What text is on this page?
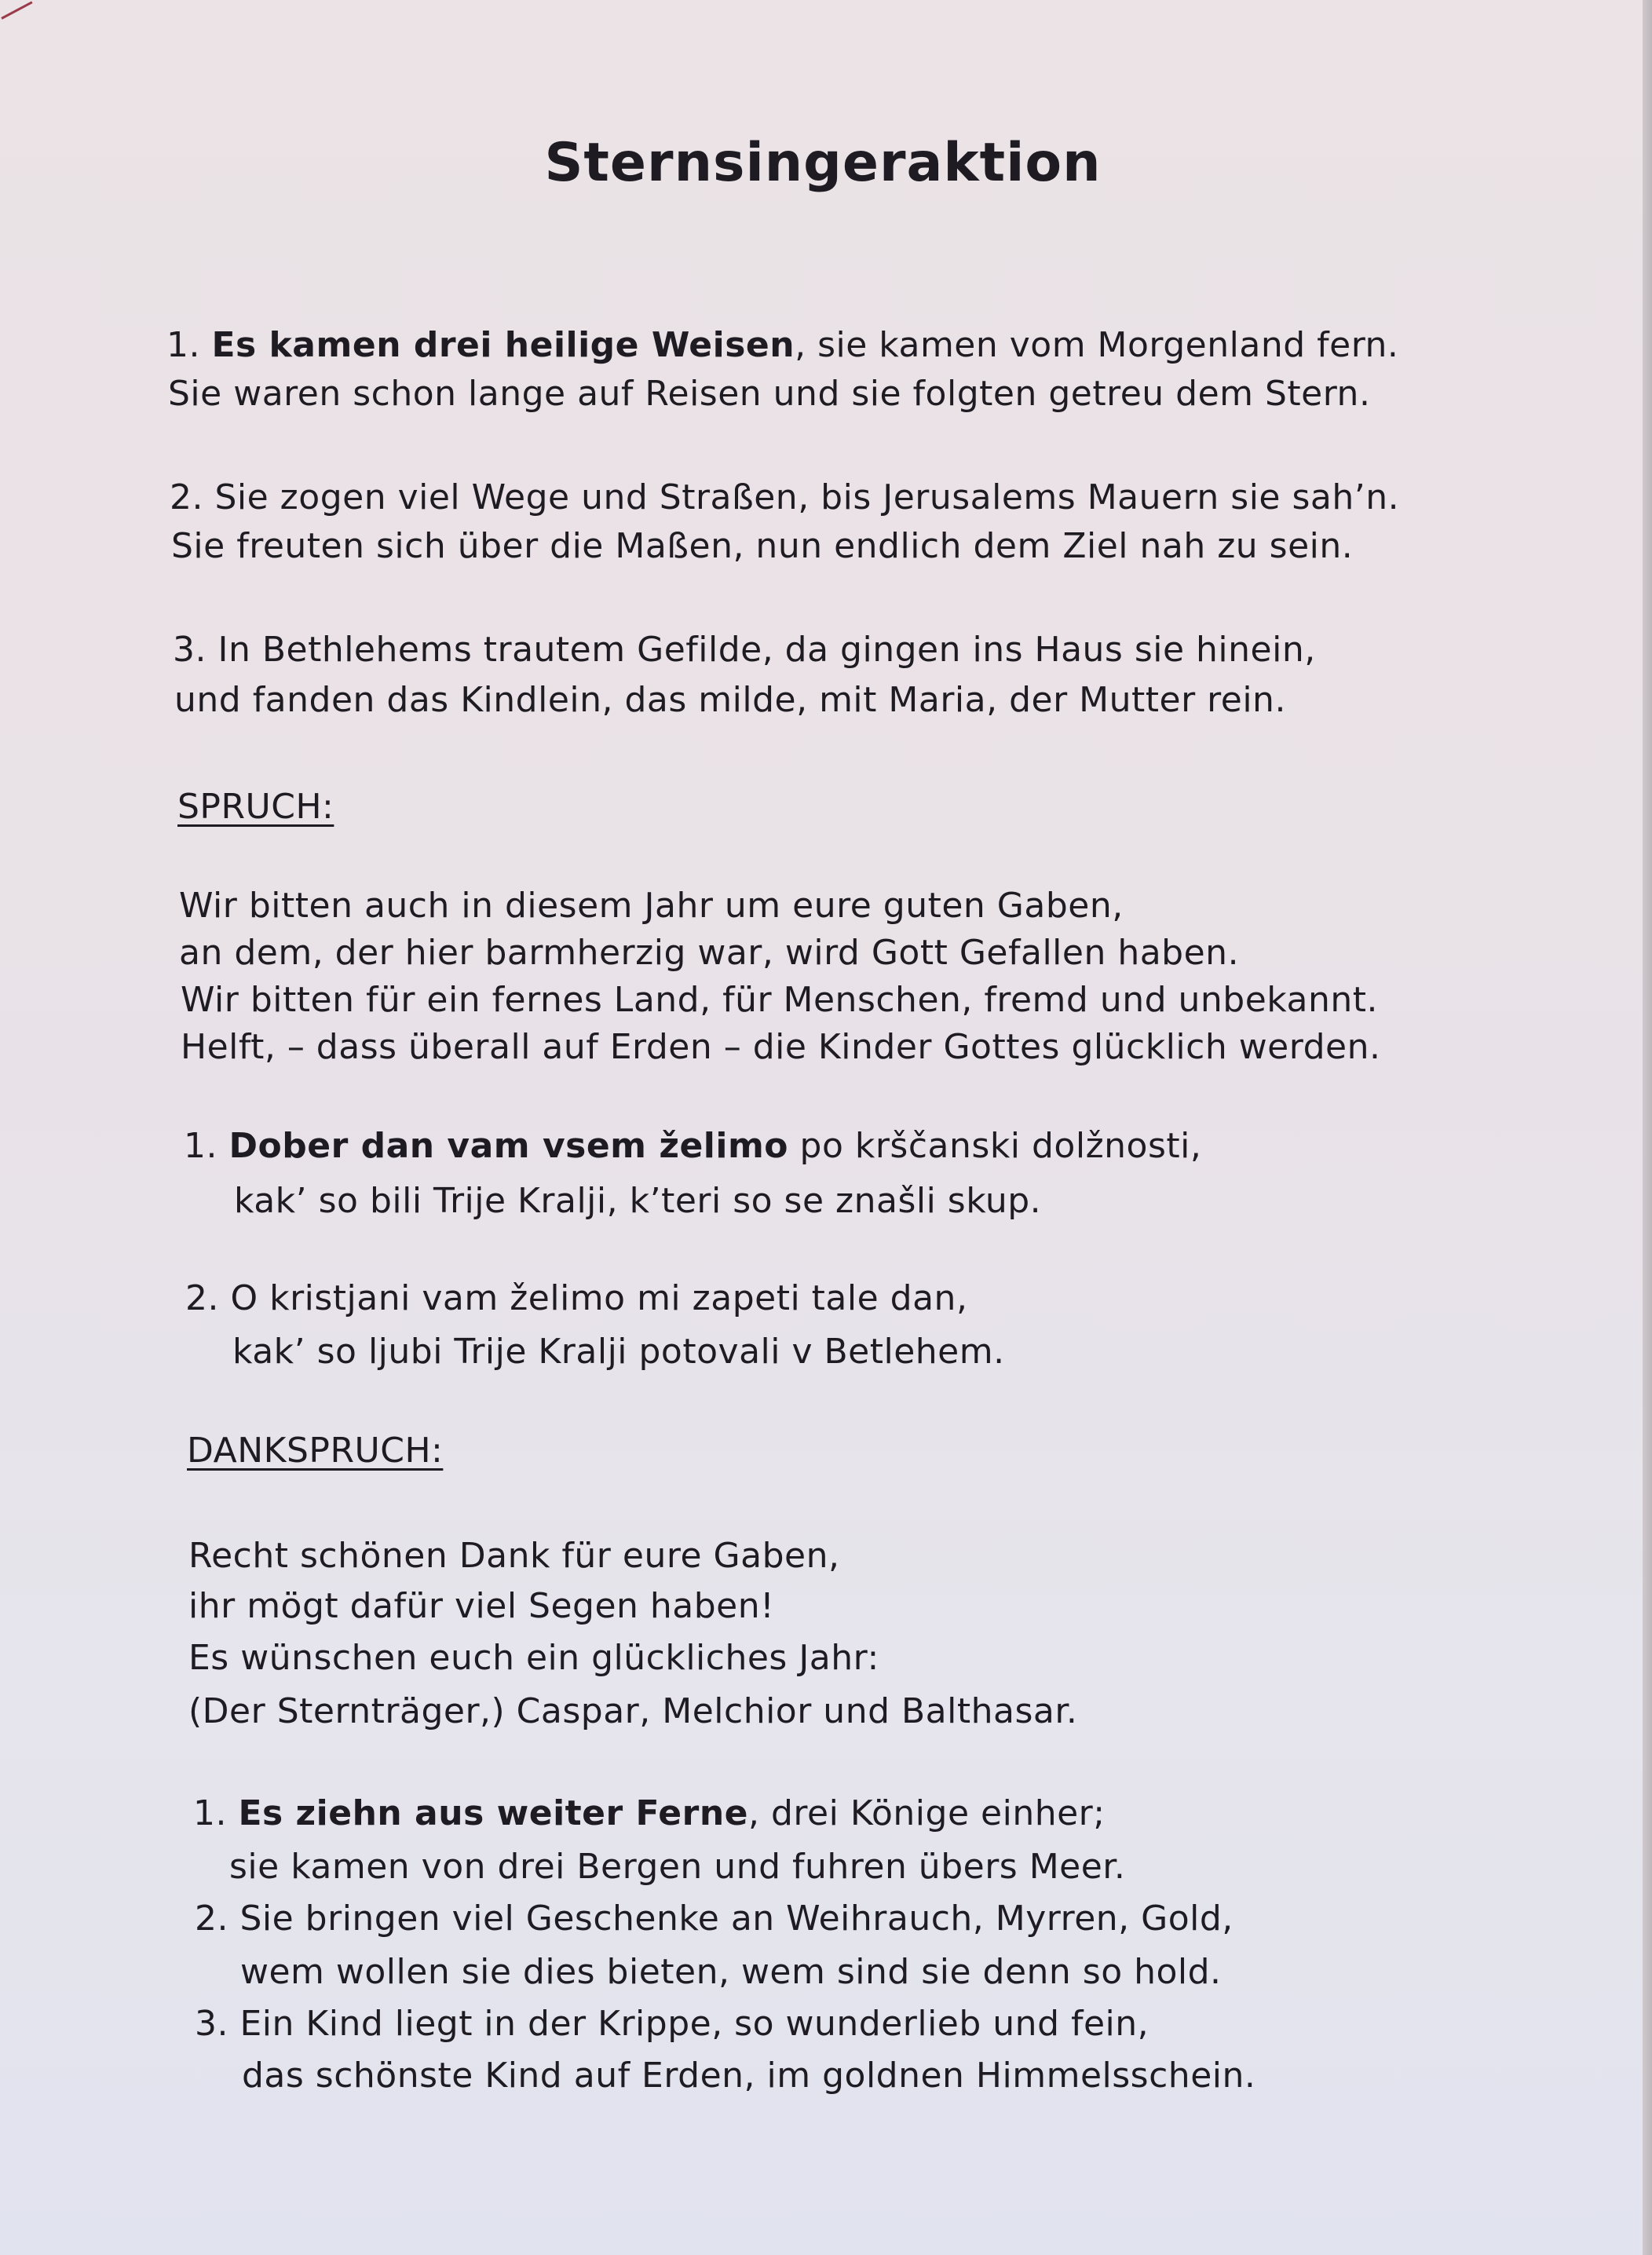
Sternsingeraktion
1. Es kamen drei heilige Weisen, sie kamen vom Morgenland fern.
Sie waren schon lange auf Reisen und sie folgten getreu dem Stern.
2. Sie zogen viel Wege und Straßen, bis Jerusalems Mauern sie sah’n.
Sie freuten sich über die Maßen, nun endlich dem Ziel nah zu sein.
3. In Bethlehems trautem Gefilde, da gingen ins Haus sie hinein,
und fanden das Kindlein, das milde, mit Maria, der Mutter rein.
SPRUCH:
Wir bitten auch in diesem Jahr um eure guten Gaben,
an dem, der hier barmherzig war, wird Gott Gefallen haben.
Wir bitten für ein fernes Land, für Menschen, fremd und unbekannt.
Helft, – dass überall auf Erden – die Kinder Gottes glücklich werden.
1. Dober dan vam vsem želimo po krščanski dolžnosti,
kak’ so bili Trije Kralji, k’teri so se znašli skup.
2. O kristjani vam želimo mi zapeti tale dan,
kak’ so ljubi Trije Kralji potovali v Betlehem.
DANKSPRUCH:
Recht schönen Dank für eure Gaben,
ihr mögt dafür viel Segen haben!
Es wünschen euch ein glückliches Jahr:
(Der Sternträger,) Caspar, Melchior und Balthasar.
1. Es ziehn aus weiter Ferne, drei Könige einher;
sie kamen von drei Bergen und fuhren übers Meer.
2. Sie bringen viel Geschenke an Weihrauch, Myrren, Gold,
wem wollen sie dies bieten, wem sind sie denn so hold.
3. Ein Kind liegt in der Krippe, so wunderlieb und fein,
das schönste Kind auf Erden, im goldnen Himmelsschein.
